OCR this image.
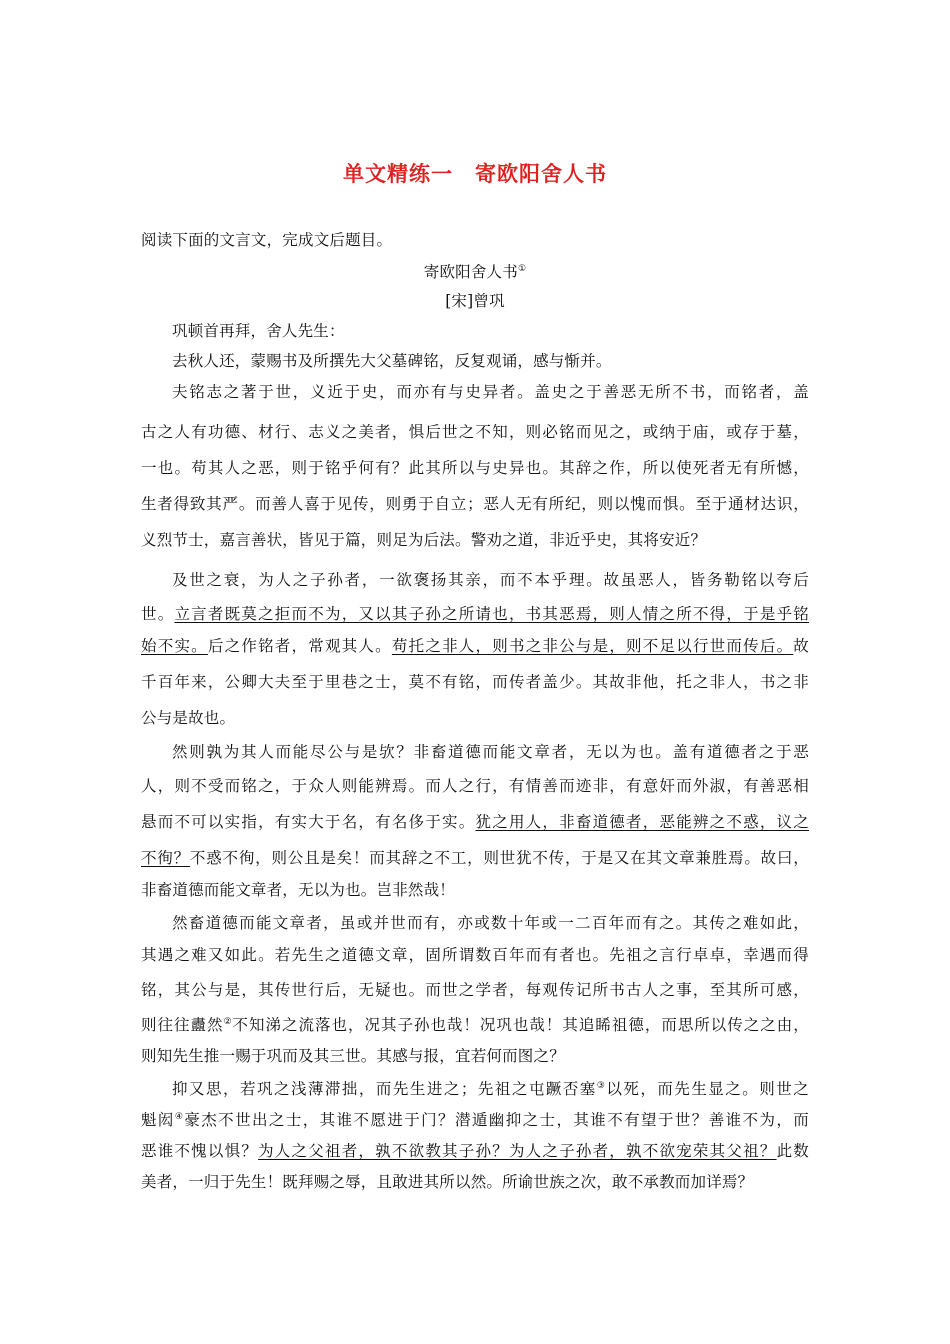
单文精练一　寄欧阳舍人书
阅读下面的文言文，完成文后题目。
寄欧阳舍人书①
[宋]曾巩
巩顿首再拜，舍人先生：
去秋人还，蒙赐书及所撰先大父墓碑铭，反复观诵，感与惭并。
夫铭志之著于世，义近于史，而亦有与史异者。盖史之于善恶无所不书，而铭者，盖
古之人有功德、材行、志义之美者，惧后世之不知，则必铭而见之，或纳于庙，或存于墓，
一也。苟其人之恶，则于铭乎何有？此其所以与史异也。其辞之作，所以使死者无有所憾，
生者得致其严。而善人喜于见传，则勇于自立；恶人无有所纪，则以愧而惧。至于通材达识，
义烈节士，嘉言善状，皆见于篇，则足为后法。警劝之道，非近乎史，其将安近？
及世之衰，为人之子孙者，一欲褒扬其亲，而不本乎理。故虽恶人，皆务勒铭以夸后
世。立言者既莫之拒而不为，又以其子孙之所请也，书其恶焉，则人情之所不得，于是乎铭
始不实。后之作铭者，常观其人。苟托之非人，则书之非公与是，则不足以行世而传后。故
千百年来，公卿大夫至于里巷之士，莫不有铭，而传者盖少。其故非他，托之非人，书之非
公与是故也。
然则孰为其人而能尽公与是欤？非畜道德而能文章者，无以为也。盖有道德者之于恶
人，则不受而铭之，于众人则能辨焉。而人之行，有情善而迹非，有意奸而外淑，有善恶相
悬而不可以实指，有实大于名，有名侈于实。犹之用人，非畜道德者，恶能辨之不惑，议之
不徇？不惑不徇，则公且是矣！而其辞之不工，则世犹不传，于是又在其文章兼胜焉。故曰，
非畜道德而能文章者，无以为也。岂非然哉！
然畜道德而能文章者，虽或并世而有，亦或数十年或一二百年而有之。其传之难如此，
其遇之难又如此。若先生之道德文章，固所谓数百年而有者也。先祖之言行卓卓，幸遇而得
铭，其公与是，其传世行后，无疑也。而世之学者，每观传记所书古人之事，至其所可感，
则往往衋然②不知涕之流落也，况其子孙也哉！况巩也哉！其追睎祖德，而思所以传之之由，
则知先生推一赐于巩而及其三世。其感与报，宜若何而图之？
抑又思，若巩之浅薄滞拙，而先生进之；先祖之屯蹶否塞③以死，而先生显之。则世之
魁闳④豪杰不世出之士，其谁不愿进于门？潜遁幽抑之士，其谁不有望于世？善谁不为，而
恶谁不愧以惧？为人之父祖者，孰不欲教其子孙？为人之子孙者，孰不欲宠荣其父祖？此数
美者，一归于先生！既拜赐之辱，且敢进其所以然。所谕世族之次，敢不承教而加详焉？
